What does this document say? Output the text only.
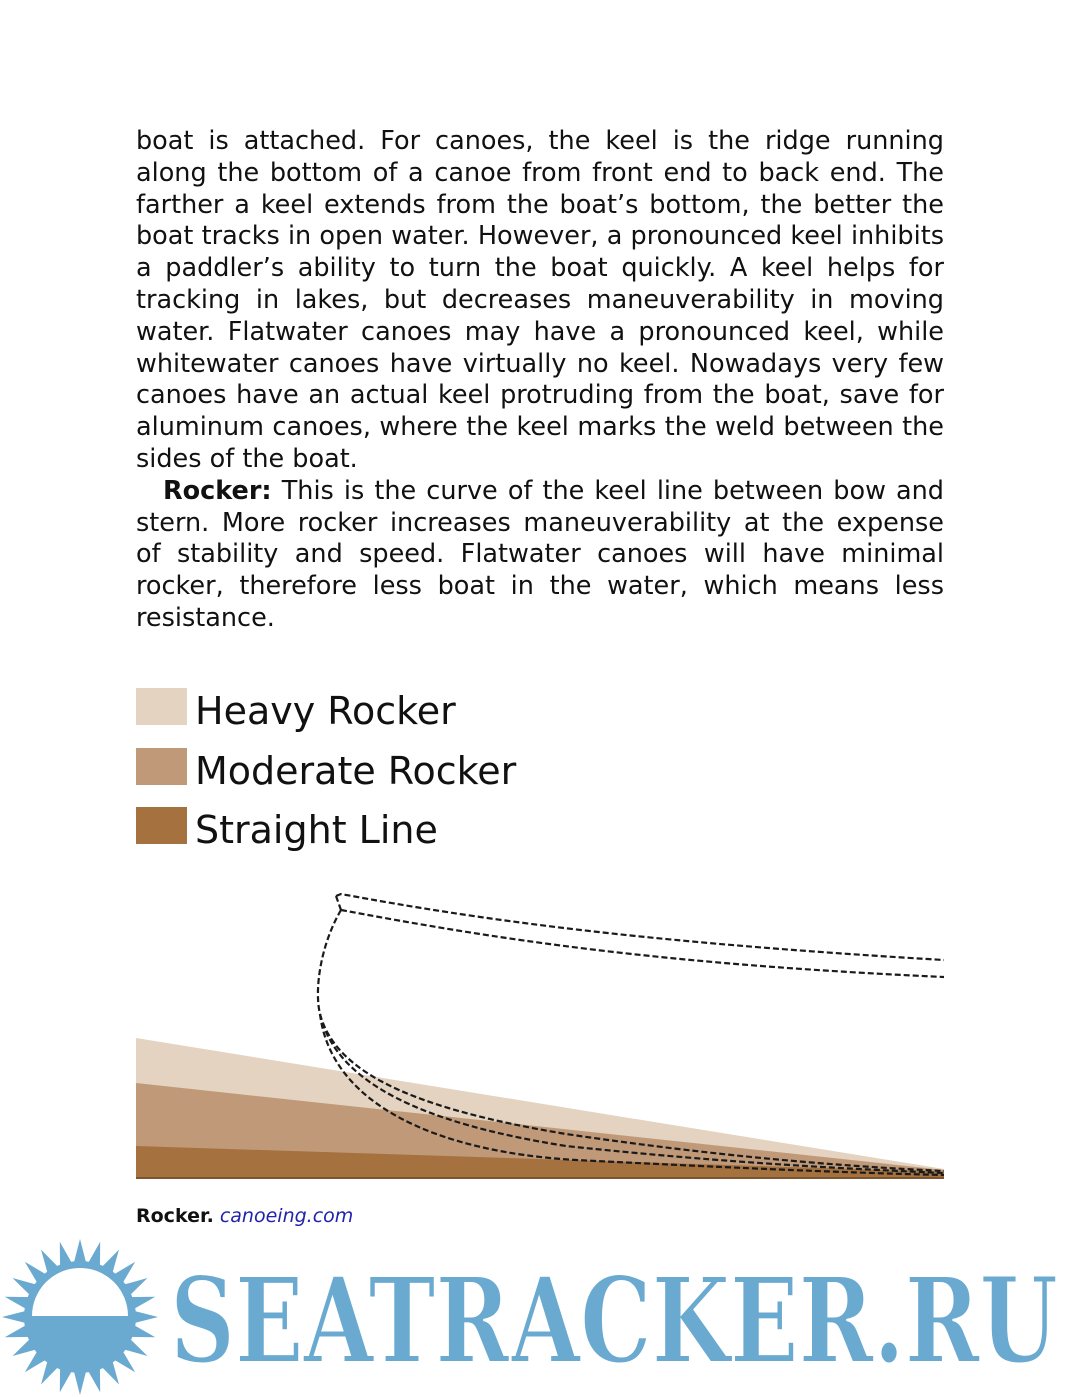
boat is attached. For canoes, the keel is the ridge running along the bottom of a canoe from front end to back end. The farther a keel extends from the boat’s bottom, the better the boat tracks in open water. However, a pronounced keel inhibits a paddler’s ability to turn the boat quickly. A keel helps for tracking in lakes, but decreases maneuverability in moving water. Flatwater canoes may have a pronounced keel, while whitewater canoes have virtually no keel. Nowadays very few canoes have an actual keel protruding from the boat, save for aluminum canoes, where the keel marks the weld between the sides of the boat.

Rocker: This is the curve of the keel line between bow and stern. More rocker increases maneuverability at the expense of stability and speed. Flatwater canoes will have minimal rocker, therefore less boat in the water, which means less resistance.

Heavy Rocker
Moderate Rocker
Straight Line
Rocker. canoeing.com
SEATRACKER.RU
